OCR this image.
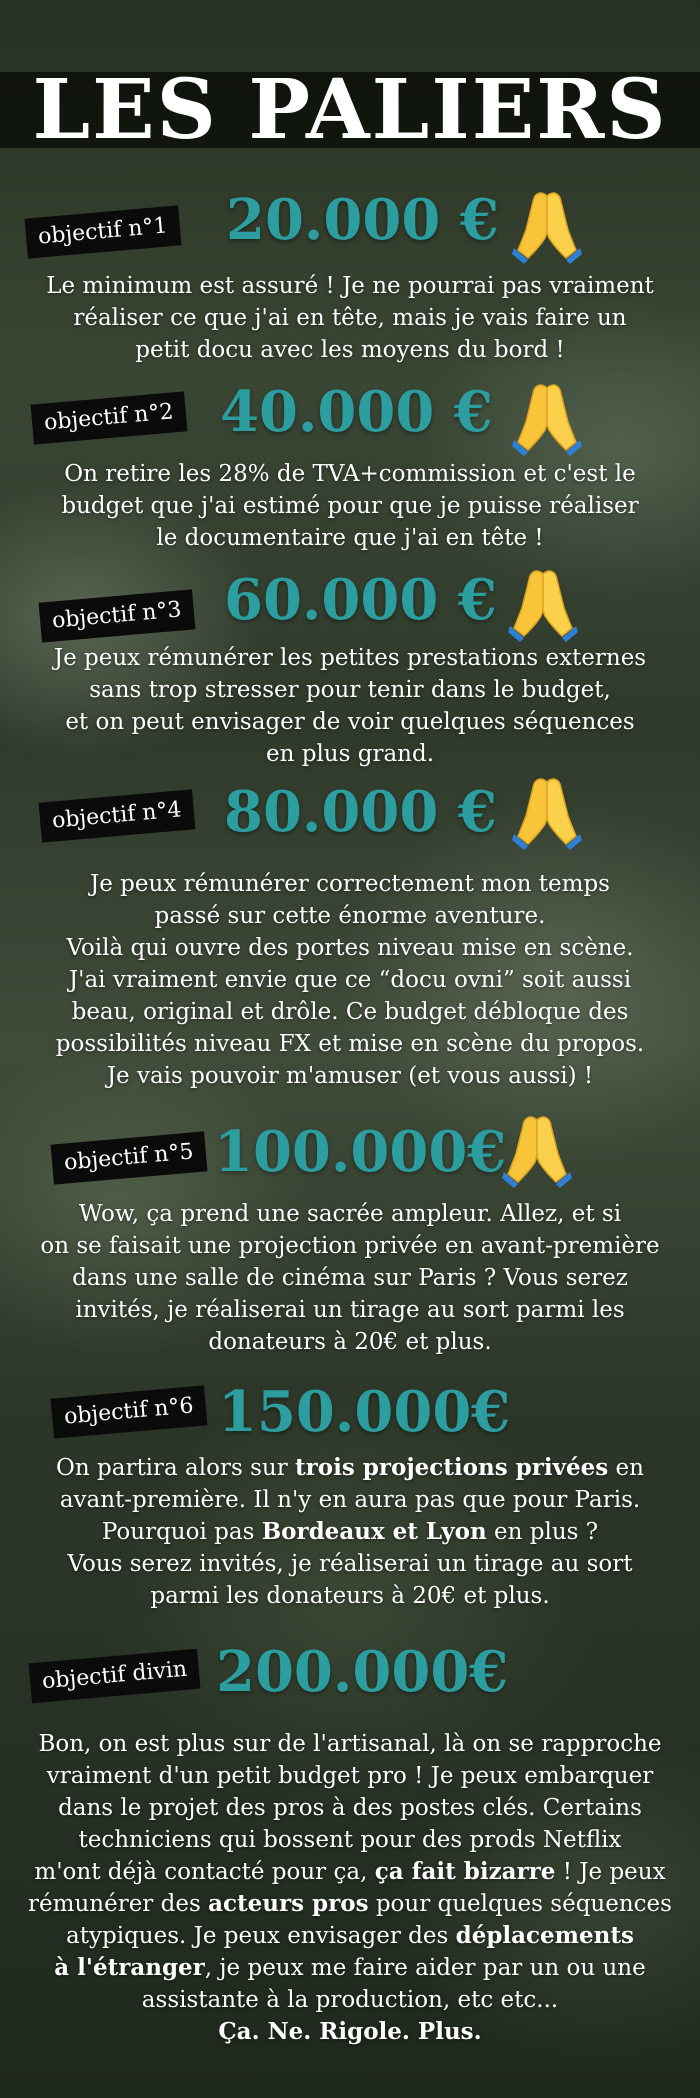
LES PALIERS
objectif n°1 20.000 €

Le minimum est assuré ! Je ne pourrai pas vraiment
réaliser ce que j'ai en tête, mais je vais faire un
petit docu avec les moyens du bord !

objectif n°2 40.000 €

On retire les 28% de TVA+commission et c'est le
budget que j'ai estimé pour que je puisse réaliser
le documentaire que j'ai en tête !

objectif n°3 60.000 €

Je peux rémunérer les petites prestations externes
sans trop stresser pour tenir dans le budget,
et on peut envisager de voir quelques séquences
en plus grand.

objectif n°4 80.000 €

Je peux rémunérer correctement mon temps
passé sur cette énorme aventure.
Voilà qui ouvre des portes niveau mise en scène.
J'ai vraiment envie que ce “docu ovni” soit aussi
beau, original et drôle. Ce budget débloque des
possibilités niveau FX et mise en scène du propos.
Je vais pouvoir m'amuser (et vous aussi) !

objectif n°5 100.000€

Wow, ça prend une sacrée ampleur. Allez, et si
on se faisait une projection privée en avant-première
dans une salle de cinéma sur Paris ? Vous serez
invités, je réaliserai un tirage au sort parmi les
donateurs à 20€ et plus.

objectif n°6 150.000€

On partira alors sur trois projections privées en
avant-première. Il n'y en aura pas que pour Paris.
Pourquoi pas Bordeaux et Lyon en plus ?
Vous serez invités, je réaliserai un tirage au sort
parmi les donateurs à 20€ et plus.

objectif divin 200.000€

Bon, on est plus sur de l'artisanal, là on se rapproche
vraiment d'un petit budget pro ! Je peux embarquer
dans le projet des pros à des postes clés. Certains
techniciens qui bossent pour des prods Netflix
m'ont déjà contacté pour ça, ça fait bizarre ! Je peux
rémunérer des acteurs pros pour quelques séquences
atypiques. Je peux envisager des déplacements
à l'étranger, je peux me faire aider par un ou une
assistante à la production, etc etc...
Ça. Ne. Rigole. Plus.
